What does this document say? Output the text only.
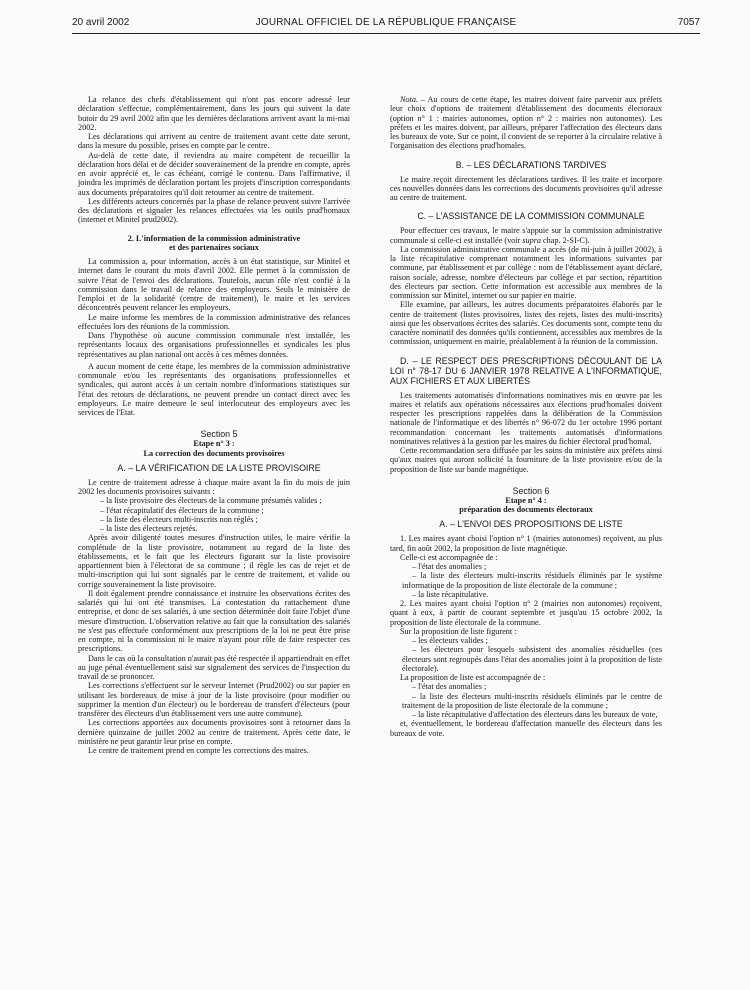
20 avril 2002	JOURNAL OFFICIEL DE LA RÉPUBLIQUE FRANÇAISE	7057

La relance des chefs d'établissement qui n'ont pas encore adressé leur déclaration s'effectue, complémentairement, dans les jours qui suivent la date butoir du 29 avril 2002 afin que les dernières déclarations arrivent avant la mi-mai 2002.

Les déclarations qui arrivent au centre de traitement avant cette date seront, dans la mesure du possible, prises en compte par le centre.

Au-delà de cette date, il reviendra au maire compétent de recueillir la déclaration hors délai et de décider souverainement de la prendre en compte, après en avoir apprécié et, le cas échéant, corrigé le contenu. Dans l'affirmative, il joindra les imprimés de déclaration portant les projets d'inscription correspondants aux documents préparatoires qu'il doit retourner au centre de traitement.

Les différents acteurs concernés par la phase de relance peuvent suivre l'arrivée des déclarations et signaler les relances effectuées via les outils prud'homaux (internet et Minitel prud2002).

2. L'information de la commission administrative

et des partenaires sociaux

La commission a, pour information, accès à un état statistique, sur Minitel et internet dans le courant du mois d'avril 2002. Elle permet à la commission de suivre l'état de l'envoi des déclarations. Toutefois, aucun rôle n'est confié à la commission dans le travail de relance des employeurs. Seuls le ministère de l'emploi et de la solidarité (centre de traitement), le maire et les services déconcentrés peuvent relancer les employeurs.

Le maire informe les membres de la commission administrative des relances effectuées lors des réunions de la commission.

Dans l'hypothèse où aucune commission communale n'est installée, les représentants locaux des organisations professionnelles et syndicales les plus représentatives au plan national ont accès à ces mêmes données.

A aucun moment de cette étape, les membres de la commission administrative communale et/ou les représentants des organisations professionnelles et syndicales, qui auront accès à un certain nombre d'informations statistiques sur l'état des retours de déclarations, ne peuvent prendre un contact direct avec les employeurs. Le maire demeure le seul interlocuteur des employeurs avec les services de l'Etat.

Section 5

Etape n° 3 :

La correction des documents provisoires

A. – LA VÉRIFICATION DE LA LISTE PROVISOIRE

Le centre de traitement adresse à chaque maire avant la fin du mois de juin 2002 les documents provisoires suivants :

– la liste provisoire des électeurs de la commune présumés valides ;

– l'état récapitulatif des électeurs de la commune ;

– la liste des électeurs multi-inscrits non réglés ;

– la liste des électeurs rejetés.

Après avoir diligenté toutes mesures d'instruction utiles, le maire vérifie la complétude de la liste provisoire, notamment au regard de la liste des établissements, et le fait que les électeurs figurant sur la liste provisoire appartiennent bien à l'électorat de sa commune ; il règle les cas de rejet et de multi-inscription qui lui sont signalés par le centre de traitement, et valide ou corrige souverainement la liste provisoire.

Il doit également prendre connaissance et instruire les observations écrites des salariés qui lui ont été transmises. La contestation du rattachement d'une entreprise, et donc de ses salariés, à une section déterminée doit faire l'objet d'une mesure d'instruction. L'observation relative au fait que la consultation des salariés ne s'est pas effectuée conformément aux prescriptions de la loi ne peut être prise en compte, ni la commission ni le maire n'ayant pour rôle de faire respecter ces prescriptions.

Dans le cas où la consultation n'aurait pas été respectée il appartiendrait en effet au juge pénal éventuellement saisi sur signalement des services de l'inspection du travail de se prononcer.

Les corrections s'effectuent sur le serveur Internet (Prud2002) ou sur papier en utilisant les bordereaux de mise à jour de la liste provisoire (pour modifier ou supprimer la mention d'un électeur) ou le bordereau de transfert d'électeurs (pour transférer des électeurs d'un établissement vers une autre commune).

Les corrections apportées aux documents provisoires sont à retourner dans la dernière quinzaine de juillet 2002 au centre de traitement. Après cette date, le ministère ne peut garantir leur prise en compte.

Le centre de traitement prend en compte les corrections des maires.

Nota. – Au cours de cette étape, les maires doivent faire parvenir aux préfets leur choix d'options de traitement d'établissement des documents électoraux (option n° 1 : mairies autonomes, option n° 2 : mairies non autonomes). Les préfets et les maires doivent, par ailleurs, préparer l'affectation des électeurs dans les bureaux de vote. Sur ce point, il convient de se reporter à la circulaire relative à l'organisation des élections prud'homales.

B. – LES DÉCLARATIONS TARDIVES

Le maire reçoit directement les déclarations tardives. Il les traite et incorpore ces nouvelles données dans les corrections des documents provisoires qu'il adresse au centre de traitement.

C. – L'ASSISTANCE DE LA COMMISSION COMMUNALE

Pour effectuer ces travaux, le maire s'appuie sur la commission administrative communale si celle-ci est installée (voir supra chap. 2-SI-C).

La commission administrative communale a accès (de mi-juin à juillet 2002), à la liste récapitulative comprenant notamment les informations suivantes par commune, par établissement et par collège : nom de l'établissement ayant déclaré, raison sociale, adresse, nombre d'électeurs par collège et par section, répartition des électeurs par section. Cette information est accessible aux membres de la commission sur Minitel, internet ou sur papier en mairie.

Elle examine, par ailleurs, les autres documents préparatoires élaborés par le centre de traitement (listes provisoires, listes des rejets, listes des multi-inscrits) ainsi que les observations écrites des salariés. Ces documents sont, compte tenu du caractère nominatif des données qu'ils contiennent, accessibles aux membres de la commission, uniquement en mairie, préalablement à la réunion de la commission.

D. – LE RESPECT DES PRESCRIPTIONS DÉCOULANT DE LA LOI n° 78-17 DU 6 JANVIER 1978 RELATIVE A L'INFORMATIQUE, AUX FICHIERS ET AUX LIBERTÉS

Les traitements automatisés d'informations nominatives mis en œuvre par les maires et relatifs aux opérations nécessaires aux élections prud'homales doivent respecter les prescriptions rappelées dans la délibération de la Commission nationale de l'informatique et des libertés n° 96-072 du 1er octobre 1996 portant recommandation concernant les traitements automatisés d'informations nominatives relatives à la gestion par les maires du fichier électoral prud'homal.

Cette recommandation sera diffusée par les soins du ministère aux préfets ainsi qu'aux maires qui auront sollicité la fourniture de la liste provisoire et/ou de la proposition de liste sur bande magnétique.

Section 6

Etape n° 4 :

préparation des documents électoraux

A. – L'ENVOI DES PROPOSITIONS DE LISTE

1. Les maires ayant choisi l'option n° 1 (mairies autonomes) reçoivent, au plus tard, fin août 2002, la proposition de liste magnétique.

Celle-ci est accompagnée de :

– l'état des anomalies ;

– la liste des électeurs multi-inscrits résiduels éliminés par le système informatique de la proposition de liste électorale de la commune ;

– la liste récapitulative.

2. Les maires ayant choisi l'option n° 2 (mairies non autonomes) reçoivent, quant à eux, à partir de courant septembre et jusqu'au 15 octobre 2002, la proposition de liste électorale de la commune.

Sur la proposition de liste figurent :

– les électeurs valides ;

– les électeurs pour lesquels subsistent des anomalies résiduelles (ces électeurs sont regroupés dans l'état des anomalies joint à la proposition de liste électorale).

La proposition de liste est accompagnée de :

– l'état des anomalies ;

– la liste des électeurs multi-inscrits résiduels éliminés par le centre de traitement de la proposition de liste électorale de la commune ;

– la liste récapitulative d'affectation des électeurs dans les bureaux de vote,

et, éventuellement, le bordereau d'affectation manuelle des électeurs dans les bureaux de vote.
